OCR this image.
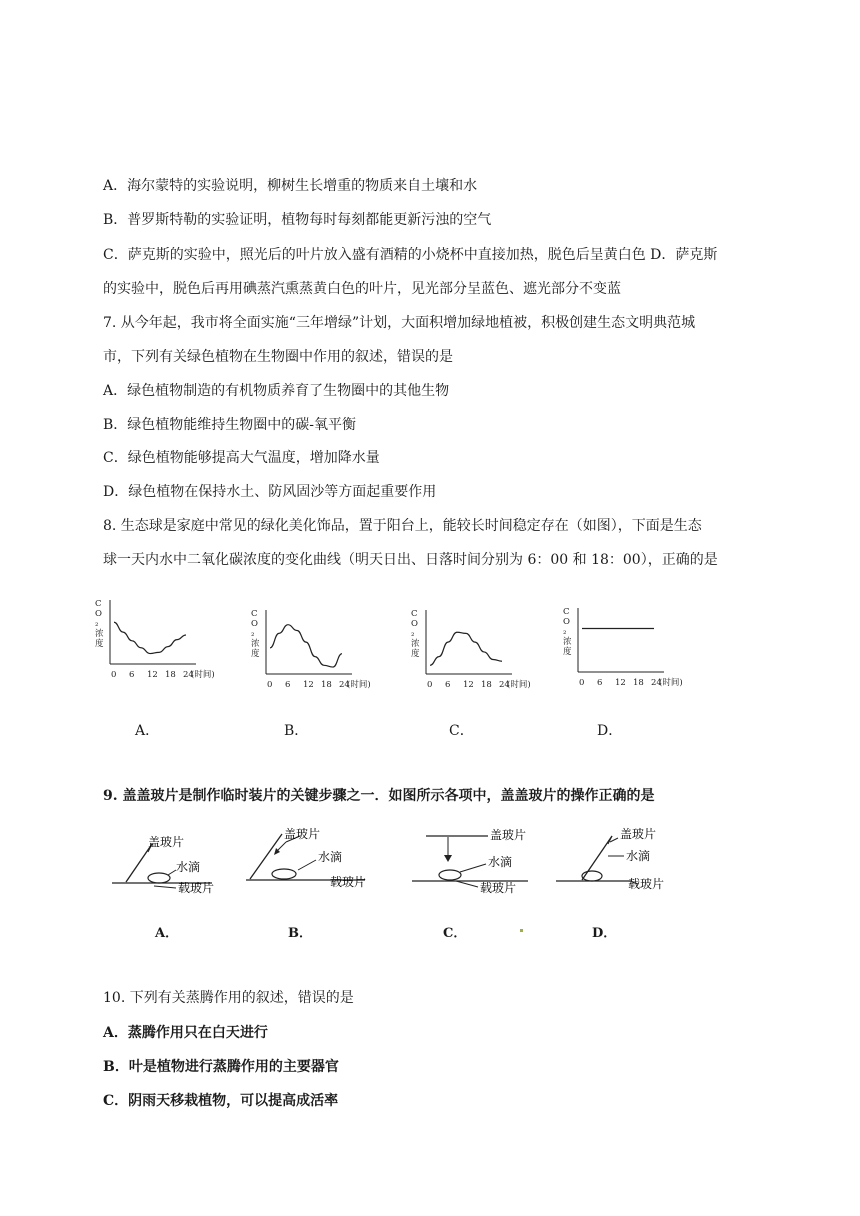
A．海尔蒙特的实验说明，柳树生长增重的物质来自土壤和水
B．普罗斯特勒的实验证明，植物每时每刻都能更新污浊的空气
C．萨克斯的实验中，照光后的叶片放入盛有酒精的小烧杯中直接加热，脱色后呈黄白色 D．萨克斯
的实验中，脱色后再用碘蒸汽熏蒸黄白色的叶片，见光部分呈蓝色、遮光部分不变蓝
7. 从今年起，我市将全面实施“三年增绿”计划，大面积增加绿地植被，积极创建生态文明典范城
市，下列有关绿色植物在生物圈中作用的叙述，错误的是
A．绿色植物制造的有机物质养育了生物圈中的其他生物
B．绿色植物能维持生物圈中的碳-氧平衡
C．绿色植物能够提高大气温度，增加降水量
D．绿色植物在保持水土、防风固沙等方面起重要作用
8. 生态球是家庭中常见的绿化美化饰品，置于阳台上，能较长时间稳定存在（如图），下面是生态
球一天内水中二氧化碳浓度的变化曲线（明天日出、日落时间分别为 6：00 和 18：00），正确的是
C O ₂ 浓度
0 6 12 18 24
(时间)
C O ₂ 浓度
0 6 12 18 24
(时间)
C O ₂ 浓度
0 6 12 18 24
(时间)
C O ₂ 浓度
0 6 12 18 24
(时间)
A．	B．	C．	D．
9. 盖盖玻片是制作临时装片的关键步骤之一．如图所示各项中，盖盖玻片的操作正确的是
盖玻片
水滴
载玻片
盖玻片
水滴
载玻片
盖玻片
水滴
载玻片
盖玻片
水滴
载玻片
A．	B．	C．	D．
10. 下列有关蒸腾作用的叙述，错误的是
A．蒸腾作用只在白天进行
B．叶是植物进行蒸腾作用的主要器官
C．阴雨天移栽植物，可以提高成活率
